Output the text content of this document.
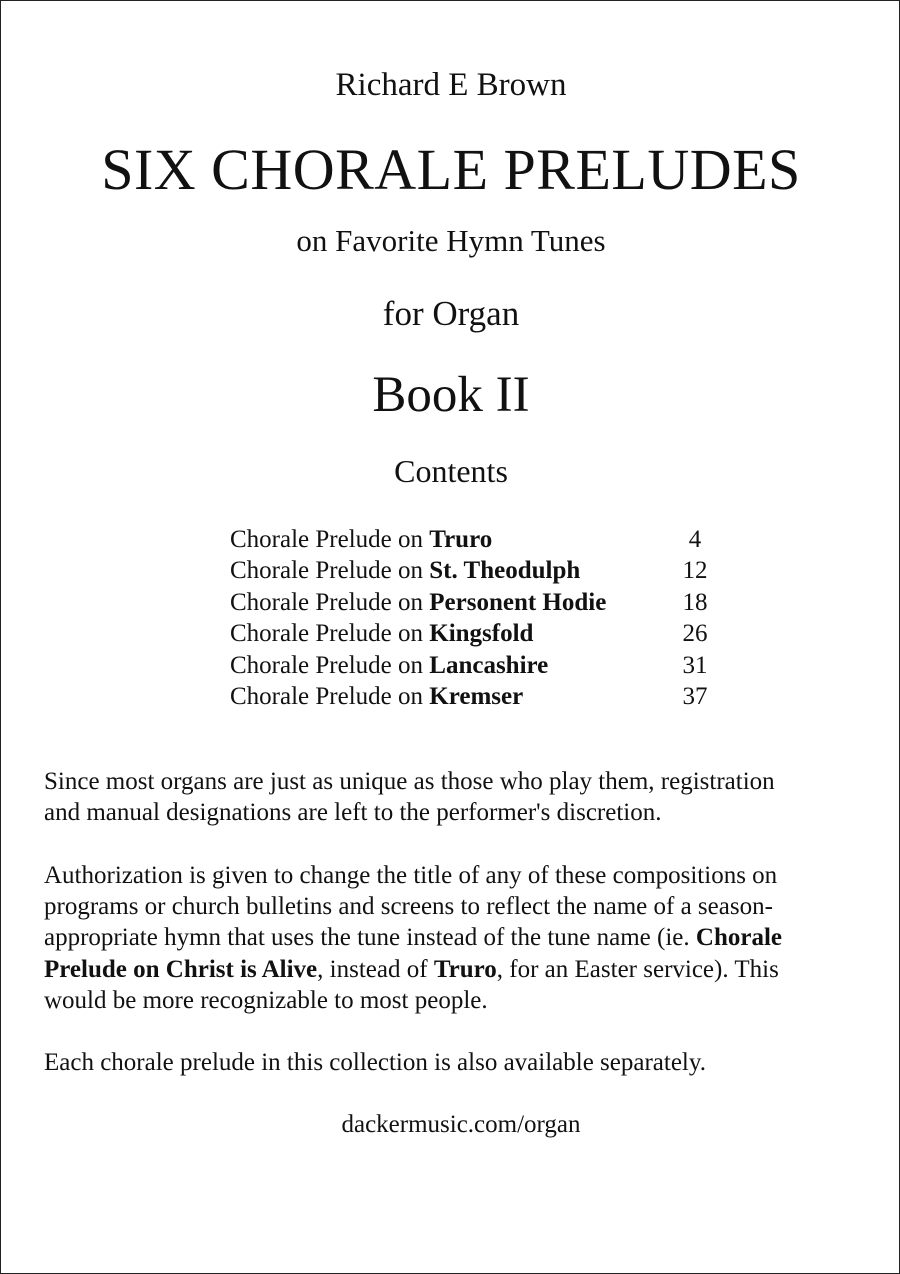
Richard E Brown
SIX CHORALE PRELUDES
on Favorite Hymn Tunes
for Organ
Book II
Contents
Chorale Prelude on Truro	4
Chorale Prelude on St. Theodulph	12
Chorale Prelude on Personent Hodie	18
Chorale Prelude on Kingsfold	26
Chorale Prelude on Lancashire	31
Chorale Prelude on Kremser	37
Since most organs are just as unique as those who play them, registration
and manual designations are left to the performer's discretion.
Authorization is given to change the title of any of these compositions on
programs or church bulletins and screens to reflect the name of a season-
appropriate hymn that uses the tune instead of the tune name (ie. Chorale
Prelude on Christ is Alive, instead of Truro, for an Easter service). This
would be more recognizable to most people.
Each chorale prelude in this collection is also available separately.
dackermusic.com/organ
